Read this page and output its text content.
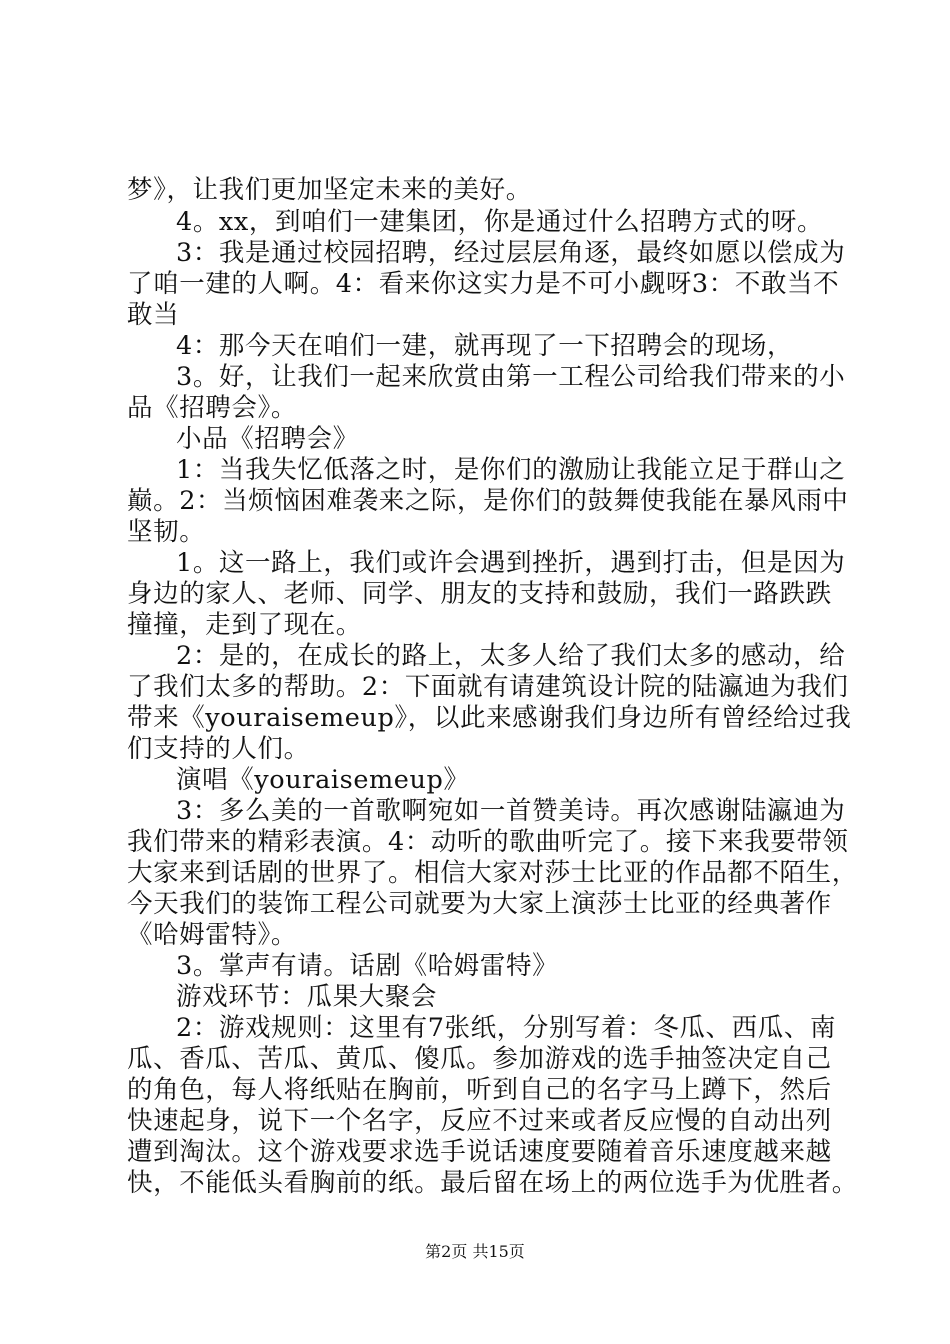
梦》，让我们更加坚定未来的美好。
4。xx，到咱们一建集团，你是通过什么招聘方式的呀。
3：我是通过校园招聘，经过层层角逐，最终如愿以偿成为
了咱一建的人啊。4：看来你这实力是不可小觑呀3：不敢当不
敢当
4：那今天在咱们一建，就再现了一下招聘会的现场，
3。好，让我们一起来欣赏由第一工程公司给我们带来的小
品《招聘会》。
小品《招聘会》
1：当我失忆低落之时，是你们的激励让我能立足于群山之
巅。2：当烦恼困难袭来之际，是你们的鼓舞使我能在暴风雨中
坚韧。
1。这一路上，我们或许会遇到挫折，遇到打击，但是因为
身边的家人、老师、同学、朋友的支持和鼓励，我们一路跌跌
撞撞，走到了现在。
2：是的，在成长的路上，太多人给了我们太多的感动，给
了我们太多的帮助。2：下面就有请建筑设计院的陆瀛迪为我们
带来《youraisemeup》，以此来感谢我们身边所有曾经给过我
们支持的人们。
演唱《youraisemeup》
3：多么美的一首歌啊宛如一首赞美诗。再次感谢陆瀛迪为
我们带来的精彩表演。4：动听的歌曲听完了。接下来我要带领
大家来到话剧的世界了。相信大家对莎士比亚的作品都不陌生，
今天我们的装饰工程公司就要为大家上演莎士比亚的经典著作
《哈姆雷特》。
3。掌声有请。话剧《哈姆雷特》
游戏环节：瓜果大聚会
2：游戏规则：这里有7张纸，分别写着：冬瓜、西瓜、南
瓜、香瓜、苦瓜、黄瓜、傻瓜。参加游戏的选手抽签决定自己
的角色，每人将纸贴在胸前，听到自己的名字马上蹲下，然后
快速起身，说下一个名字，反应不过来或者反应慢的自动出列
遭到淘汰。这个游戏要求选手说话速度要随着音乐速度越来越
快，不能低头看胸前的纸。最后留在场上的两位选手为优胜者。
第2页 共15页
